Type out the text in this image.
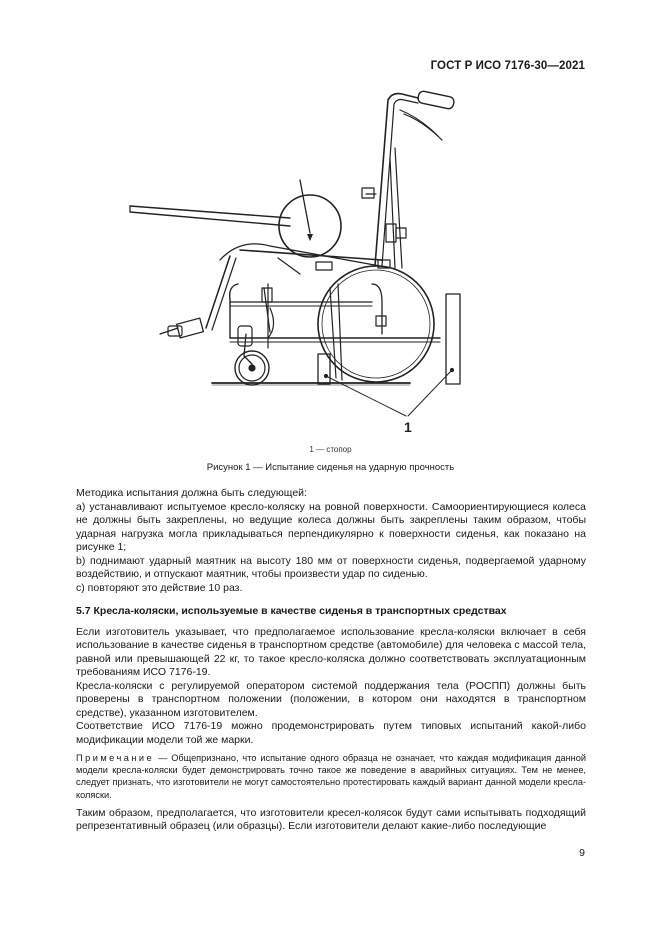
ГОСТ Р ИСО 7176-30—2021
1
1 — стопор
Рисунок 1 — Испытание сиденья на ударную прочность

Методика испытания должна быть следующей:

а) устанавливают испытуемое кресло-коляску на ровной поверхности. Самоориентирующиеся колеса не должны быть закреплены, но ведущие колеса должны быть закреплены таким образом, чтобы ударная нагрузка могла прикладываться перпендикулярно к поверхности сиденья, как показано на рисунке 1;

b) поднимают ударный маятник на высоту 180 мм от поверхности сиденья, подвергаемой ударному воздействию, и отпускают маятник, чтобы произвести удар по сиденью.

c) повторяют это действие 10 раз.

5.7 Кресла-коляски, используемые в качестве сиденья в транспортных средствах

Если изготовитель указывает, что предполагаемое использование кресла-коляски включает в себя использование в качестве сиденья в транспортном средстве (автомобиле) для человека с массой тела, равной или превышающей 22 кг, то такое кресло-коляска должно соответствовать эксплуатационным требованиям ИСО 7176-19.

Кресла-коляски с регулируемой оператором системой поддержания тела (РОСПП) должны быть проверены в транспортном положении (положении, в котором они находятся в транспортном средстве), указанном изготовителем.

Соответствие ИСО 7176-19 можно продемонстрировать путем типовых испытаний какой-либо модификации модели той же марки.

Примечание — Общепризнано, что испытание одного образца не означает, что каждая модификация данной модели кресла-коляски будет демонстрировать точно такое же поведение в аварийных ситуациях. Тем не менее, следует признать, что изготовители не могут самостоятельно протестировать каждый вариант данной модели кресла-коляски.

Таким образом, предполагается, что изготовители кресел-колясок будут сами испытывать подходящий репрезентативный образец (или образцы). Если изготовители делают какие-либо последующие

9
